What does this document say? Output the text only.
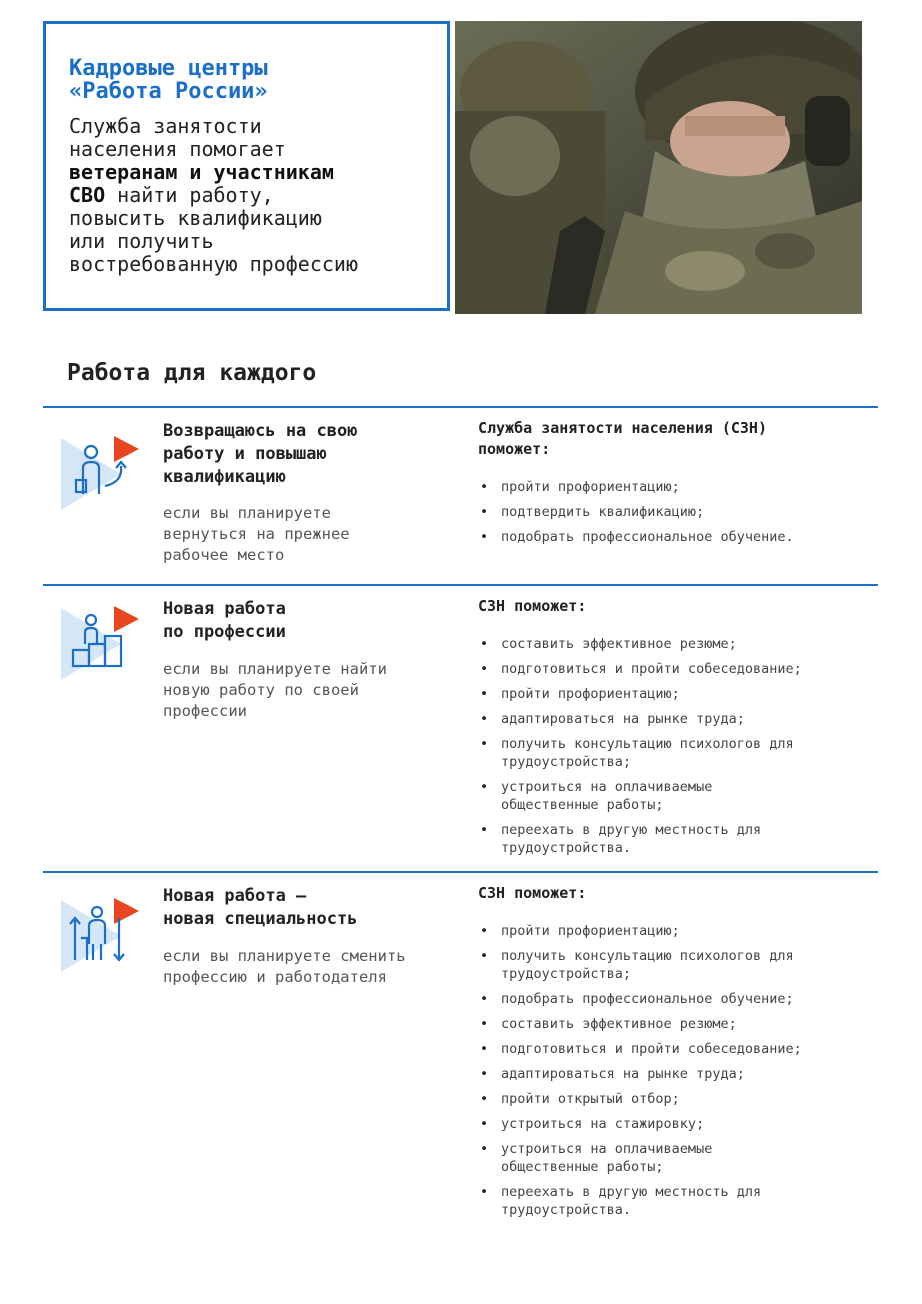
Кадровые центры
«Работа России»
Служба занятости
населения помогает
ветеранам и участникам
СВО найти работу,
повысить квалификацию
или получить
востребованную профессию
Работа для каждого
Возвращаюсь на свою
работу и повышаю
квалификацию
если вы планируете
вернуться на прежнее
рабочее место
Служба занятости населения (СЗН)
поможет:
• пройти профориентацию;
• подтвердить квалификацию;
• подобрать профессиональное обучение.
Новая работа
по профессии
если вы планируете найти
новую работу по своей
профессии
СЗН поможет:
• составить эффективное резюме;
• подготовиться и пройти собеседование;
• пройти профориентацию;
• адаптироваться на рынке труда;
• получить консультацию психологов для
трудоустройства;
• устроиться на оплачиваемые
общественные работы;
• переехать в другую местность для
трудоустройства.
Новая работа —
новая специальность
если вы планируете сменить
профессию и работодателя
СЗН поможет:
• пройти профориентацию;
• получить консультацию психологов для
трудоустройства;
• подобрать профессиональное обучение;
• составить эффективное резюме;
• подготовиться и пройти собеседование;
• адаптироваться на рынке труда;
• пройти открытый отбор;
• устроиться на стажировку;
• устроиться на оплачиваемые
общественные работы;
• переехать в другую местность для
трудоустройства.
